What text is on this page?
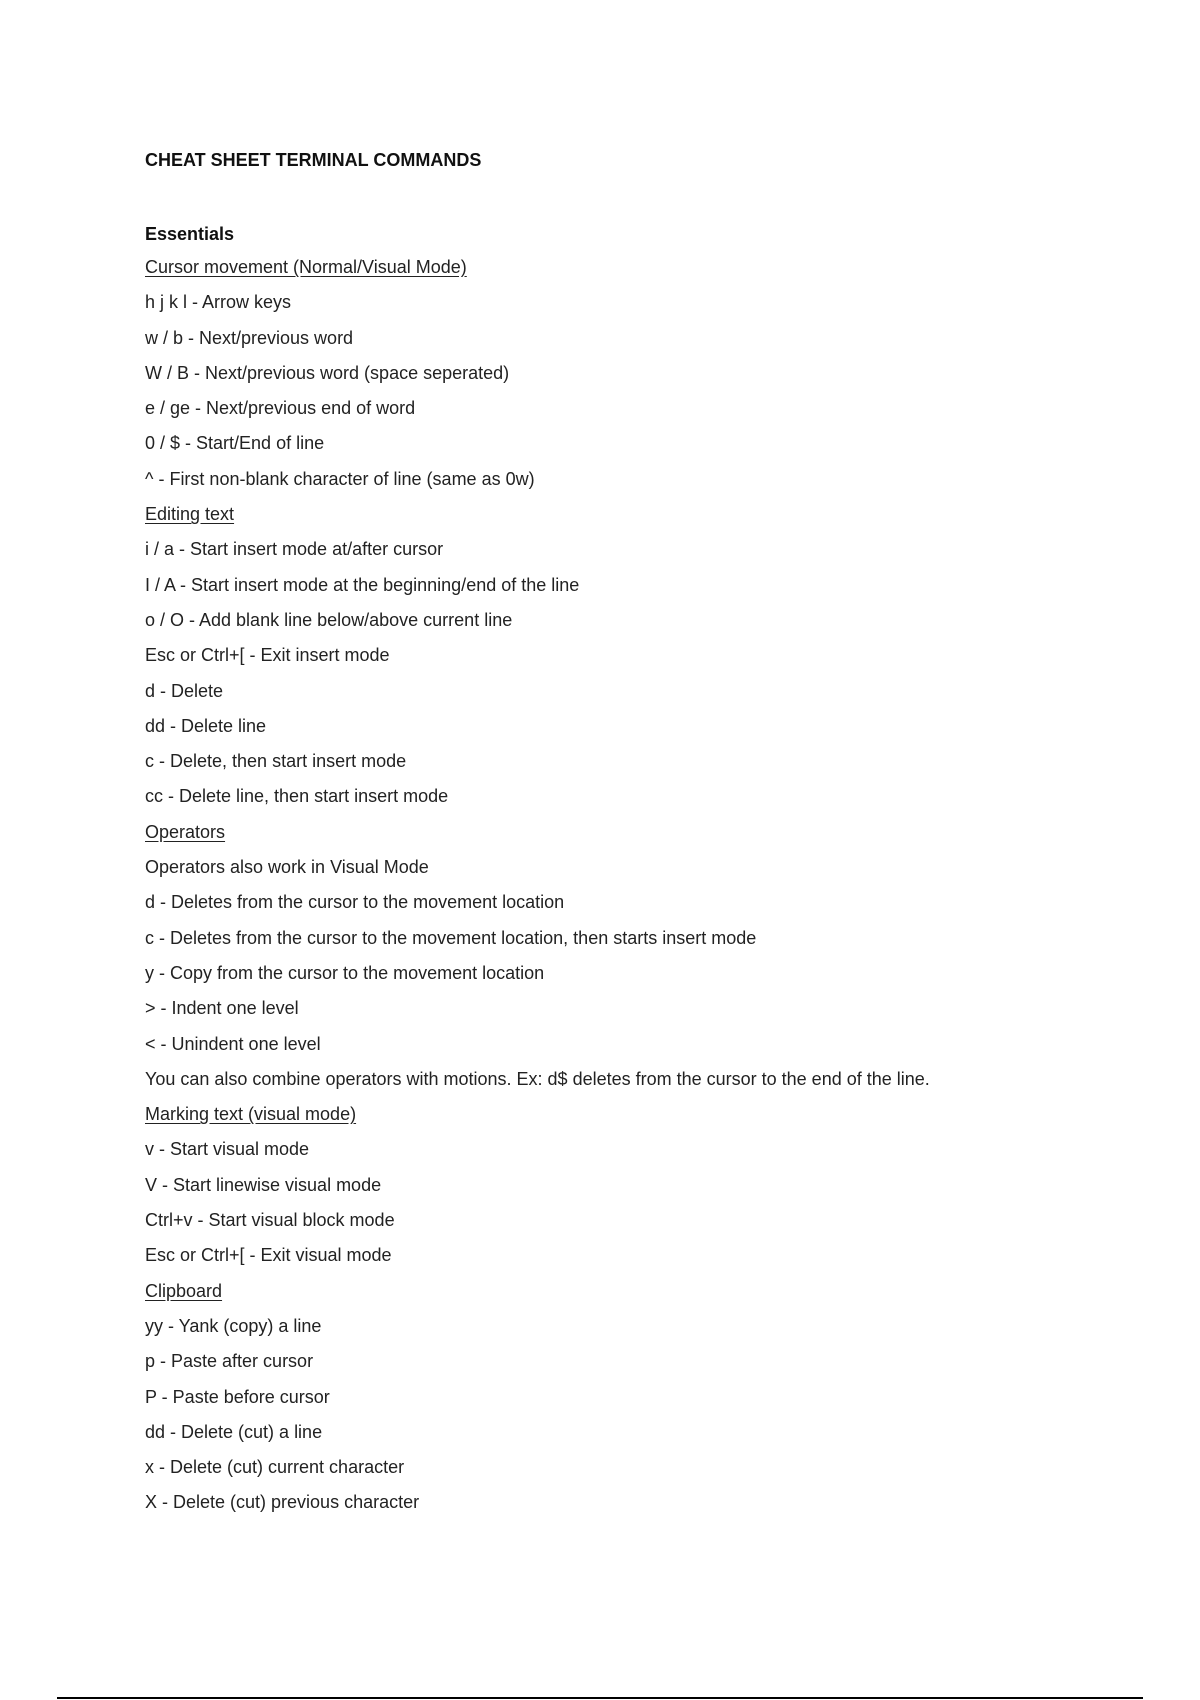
CHEAT SHEET TERMINAL COMMANDS
Essentials
Cursor movement (Normal/Visual Mode)
h j k l - Arrow keys
w / b - Next/previous word
W / B - Next/previous word (space seperated)
e / ge - Next/previous end of word
0 / $ - Start/End of line
^ - First non-blank character of line (same as 0w)
Editing text
i / a - Start insert mode at/after cursor
I / A - Start insert mode at the beginning/end of the line
o / O - Add blank line below/above current line
Esc or Ctrl+[ - Exit insert mode
d - Delete
dd - Delete line
c - Delete, then start insert mode
cc - Delete line, then start insert mode
Operators
Operators also work in Visual Mode
d - Deletes from the cursor to the movement location
c - Deletes from the cursor to the movement location, then starts insert mode
y - Copy from the cursor to the movement location
> - Indent one level
< - Unindent one level
You can also combine operators with motions. Ex: d$ deletes from the cursor to the end of the line.
Marking text (visual mode)
v - Start visual mode
V - Start linewise visual mode
Ctrl+v - Start visual block mode
Esc or Ctrl+[ - Exit visual mode
Clipboard
yy - Yank (copy) a line
p - Paste after cursor
P - Paste before cursor
dd - Delete (cut) a line
x - Delete (cut) current character
X - Delete (cut) previous character
